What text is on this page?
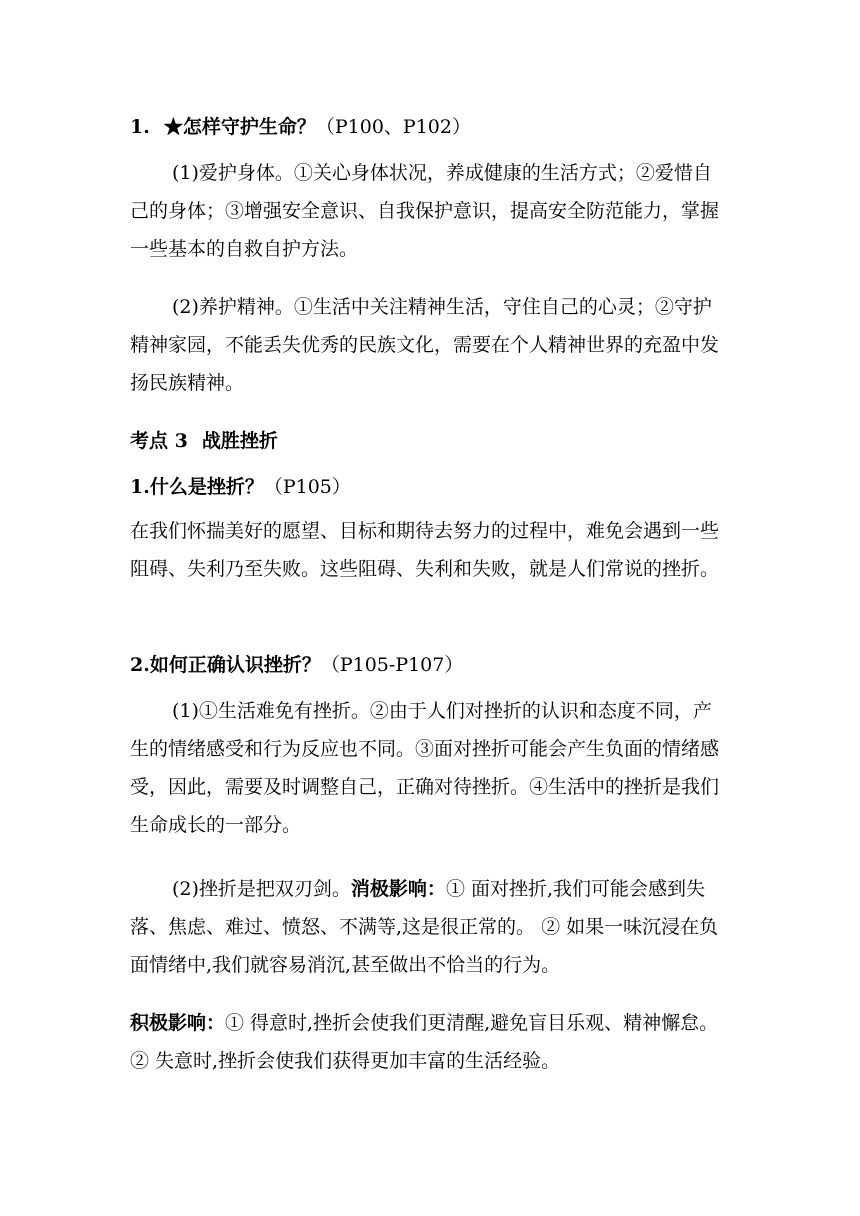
1. ★怎样守护生命？（P100、P102）

(1)爱护身体。①关心身体状况，养成健康的生活方式；②爱惜自己的身体；③增强安全意识、自我保护意识，提高安全防范能力，掌握一些基本的自救自护方法。

(2)养护精神。①生活中关注精神生活，守住自己的心灵；②守护精神家园，不能丢失优秀的民族文化，需要在个人精神世界的充盈中发扬民族精神。

考点 3 战胜挫折

1.什么是挫折？（P105）

在我们怀揣美好的愿望、目标和期待去努力的过程中，难免会遇到一些阻碍、失利乃至失败。这些阻碍、失利和失败，就是人们常说的挫折。

2.如何正确认识挫折？（P105-P107）

(1)①生活难免有挫折。②由于人们对挫折的认识和态度不同，产生的情绪感受和行为反应也不同。③面对挫折可能会产生负面的情绪感受，因此，需要及时调整自己，正确对待挫折。④生活中的挫折是我们生命成长的一部分。

(2)挫折是把双刃剑。消极影响：① 面对挫折,我们可能会感到失落、焦虑、难过、愤怒、不满等,这是很正常的。 ② 如果一味沉浸在负面情绪中,我们就容易消沉,甚至做出不恰当的行为。

积极影响：① 得意时,挫折会使我们更清醒,避免盲目乐观、精神懈怠。 ② 失意时,挫折会使我们获得更加丰富的生活经验。
